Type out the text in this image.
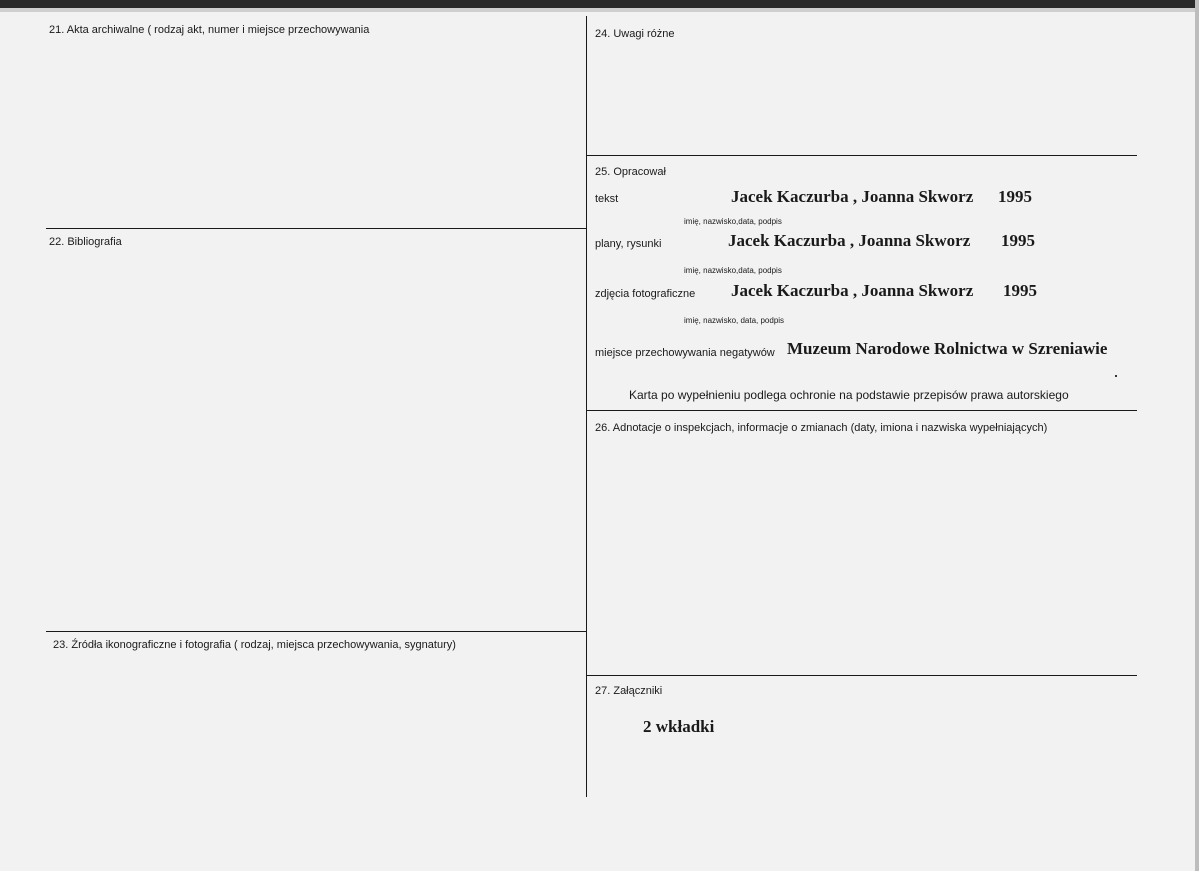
21. Akta archiwalne ( rodzaj akt, numer i miejsce przechowywania
22. Bibliografia
23. Źródła ikonograficzne i fotografia ( rodzaj, miejsca przechowywania, sygnatury)
24. Uwagi różne
25. Opracował
tekst	Jacek Kaczurba , Joanna Skworz 1995
imię, nazwisko,data, podpis
plany, rysunki	Jacek Kaczurba , Joanna Skworz 1995
imię, nazwisko,data, podpis
zdjęcia fotograficzne Jacek Kaczurba , Joanna Skworz 1995
imię, nazwisko, data, podpis
miejsce przechowywania negatywów Muzeum Narodowe Rolnictwa w Szreniawie
Karta po wypełnieniu podlega ochronie na podstawie przepisów prawa autorskiego
26. Adnotacje o inspekcjach, informacje o zmianach (daty, imiona i nazwiska wypełniających)
27. Załączniki
2 wkładki
